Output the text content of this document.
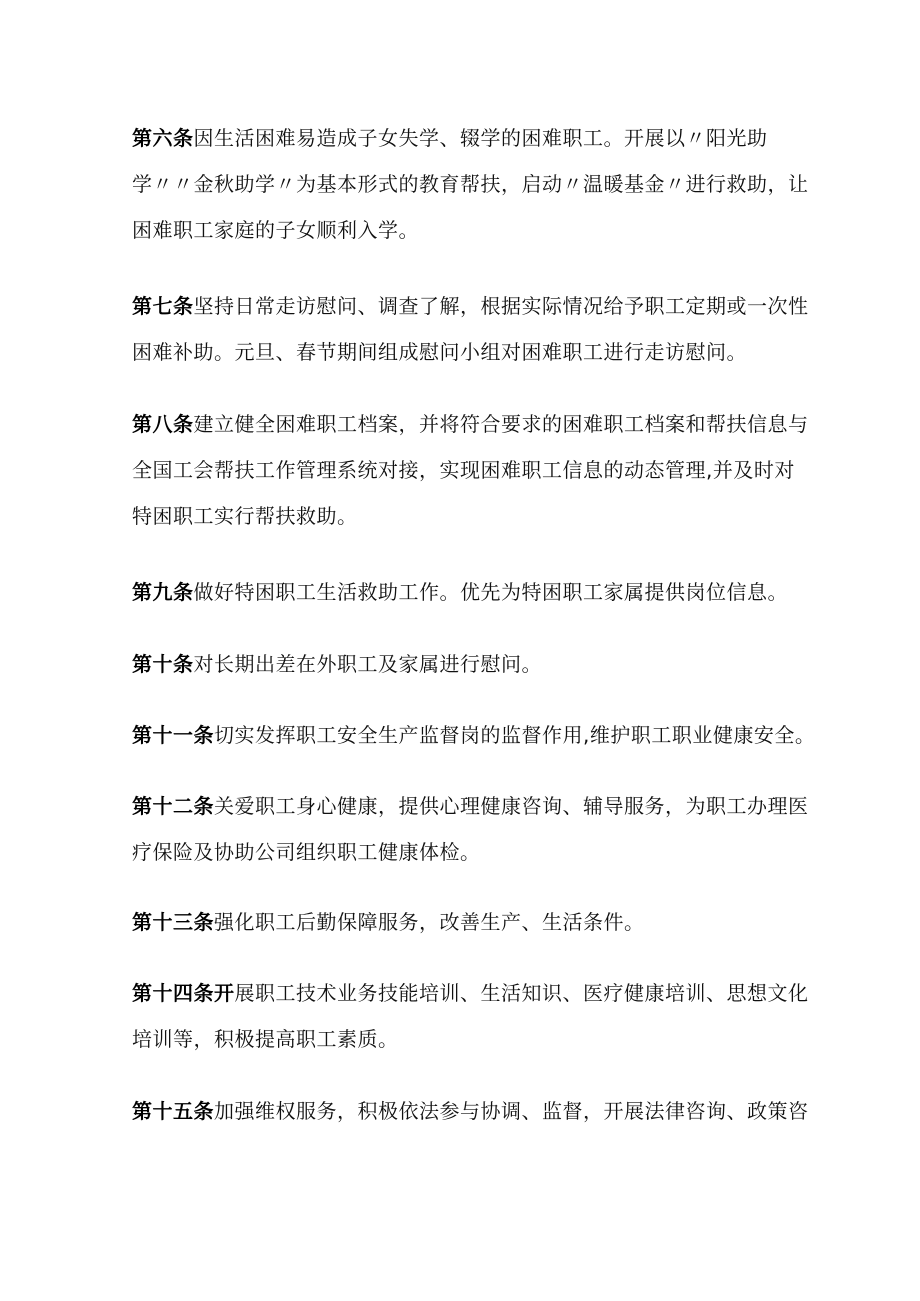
第六条因生活困难易造成子女失学、辍学的困难职工。开展以〃阳光助
学〃〃金秋助学〃为基本形式的教育帮扶，启动〃温暖基金〃进行救助，让
困难职工家庭的子女顺利入学。

第七条坚持日常走访慰问、调查了解，根据实际情况给予职工定期或一次性
困难补助。元旦、春节期间组成慰问小组对困难职工进行走访慰问。

第八条建立健全困难职工档案，并将符合要求的困难职工档案和帮扶信息与
全国工会帮扶工作管理系统对接，实现困难职工信息的动态管理,并及时对
特困职工实行帮扶救助。

第九条做好特困职工生活救助工作。优先为特困职工家属提供岗位信息。

第十条对长期出差在外职工及家属进行慰问。

第十一条切实发挥职工安全生产监督岗的监督作用,维护职工职业健康安全。

第十二条关爱职工身心健康，提供心理健康咨询、辅导服务，为职工办理医
疗保险及协助公司组织职工健康体检。

第十三条强化职工后勤保障服务，改善生产、生活条件。

第十四条开展职工技术业务技能培训、生活知识、医疗健康培训、思想文化
培训等，积极提高职工素质。

第十五条加强维权服务，积极依法参与协调、监督，开展法律咨询、政策咨
